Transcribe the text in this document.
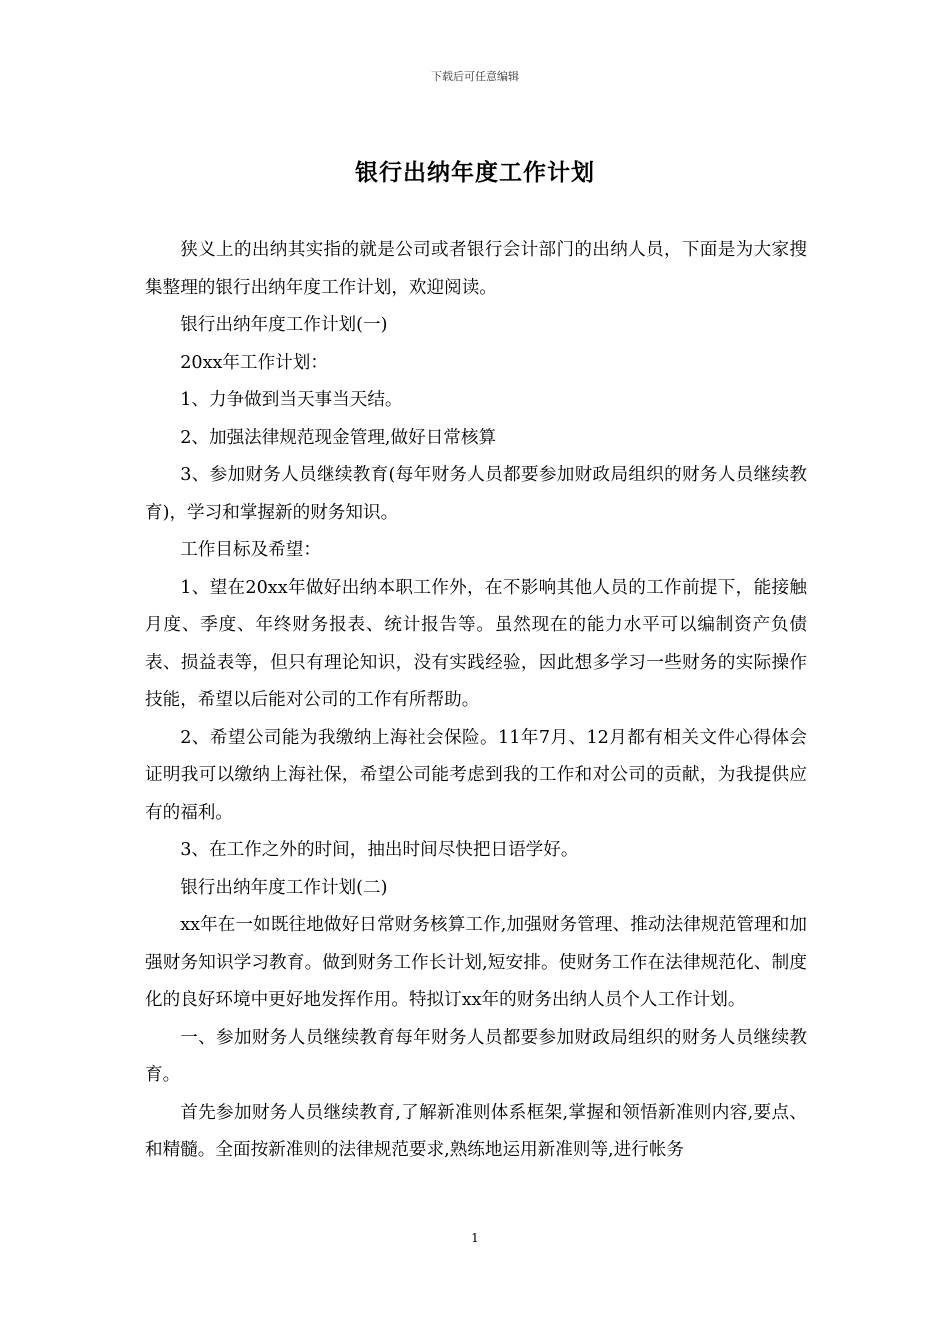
下载后可任意编辑
银行出纳年度工作计划

狭义上的出纳其实指的就是公司或者银行会计部门的出纳人员，下面是为大家搜集整理的银行出纳年度工作计划，欢迎阅读。

银行出纳年度工作计划(一)

20xx年工作计划：

1、力争做到当天事当天结。

2、加强法律规范现金管理,做好日常核算

3、参加财务人员继续教育(每年财务人员都要参加财政局组织的财务人员继续教育)，学习和掌握新的财务知识。

工作目标及希望：

1、望在20xx年做好出纳本职工作外，在不影响其他人员的工作前提下，能接触月度、季度、年终财务报表、统计报告等。虽然现在的能力水平可以编制资产负债表、损益表等，但只有理论知识，没有实践经验，因此想多学习一些财务的实际操作技能，希望以后能对公司的工作有所帮助。

2、希望公司能为我缴纳上海社会保险。11年7月、12月都有相关文件心得体会证明我可以缴纳上海社保，希望公司能考虑到我的工作和对公司的贡献，为我提供应有的福利。

3、在工作之外的时间，抽出时间尽快把日语学好。

银行出纳年度工作计划(二)

xx年在一如既往地做好日常财务核算工作,加强财务管理、推动法律规范管理和加强财务知识学习教育。做到财务工作长计划,短安排。使财务工作在法律规范化、制度化的良好环境中更好地发挥作用。特拟订xx年的财务出纳人员个人工作计划。

一、参加财务人员继续教育每年财务人员都要参加财政局组织的财务人员继续教育。

首先参加财务人员继续教育,了解新准则体系框架,掌握和领悟新准则内容,要点、和精髓。全面按新准则的法律规范要求,熟练地运用新准则等,进行帐务

1
